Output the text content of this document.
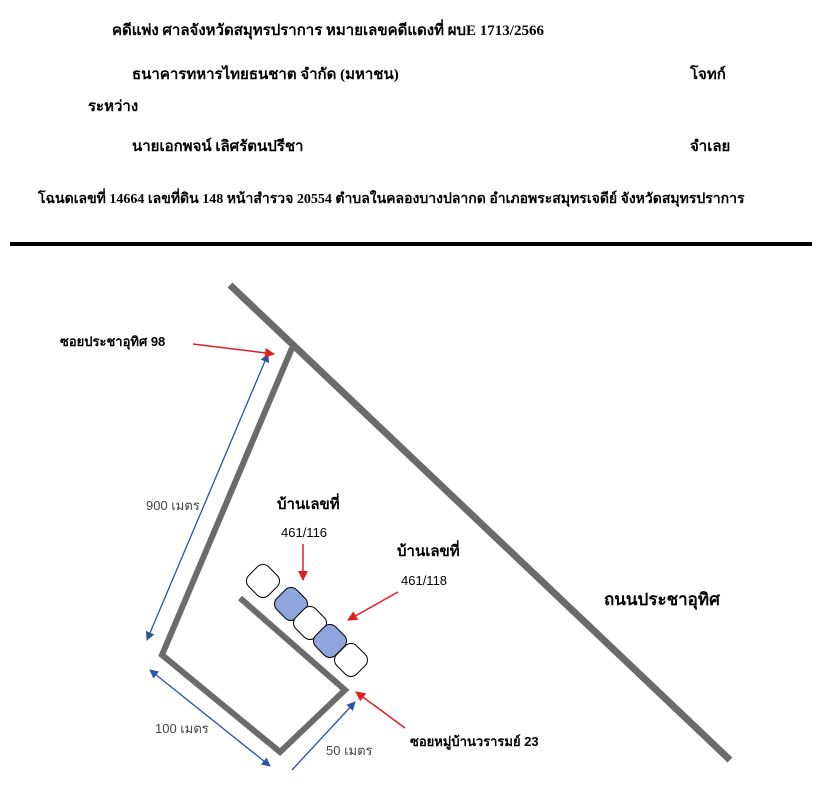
คดีแพ่ง ศาลจังหวัดสมุทรปราการ หมายเลขคดีแดงที่ ผบE 1713/2566
ธนาคารทหารไทยธนชาต จำกัด (มหาชน)	โจทก์
ระหว่าง
นายเอกพจน์ เลิศรัตนปรีชา	จำเลย
โฉนดเลขที่ 14664 เลขที่ดิน 148 หน้าสำรวจ 20554 ตำบลในคลองบางปลากด อำเภอพระสมุทรเจดีย์ จังหวัดสมุทรปราการ
ซอยประชาอุทิศ 98
900 เมตร
100 เมตร
50 เมตร
บ้านเลขที่
461/116
บ้านเลขที่
461/118
ถนนประชาอุทิศ
ซอยหมู่บ้านวรารมย์ 23
